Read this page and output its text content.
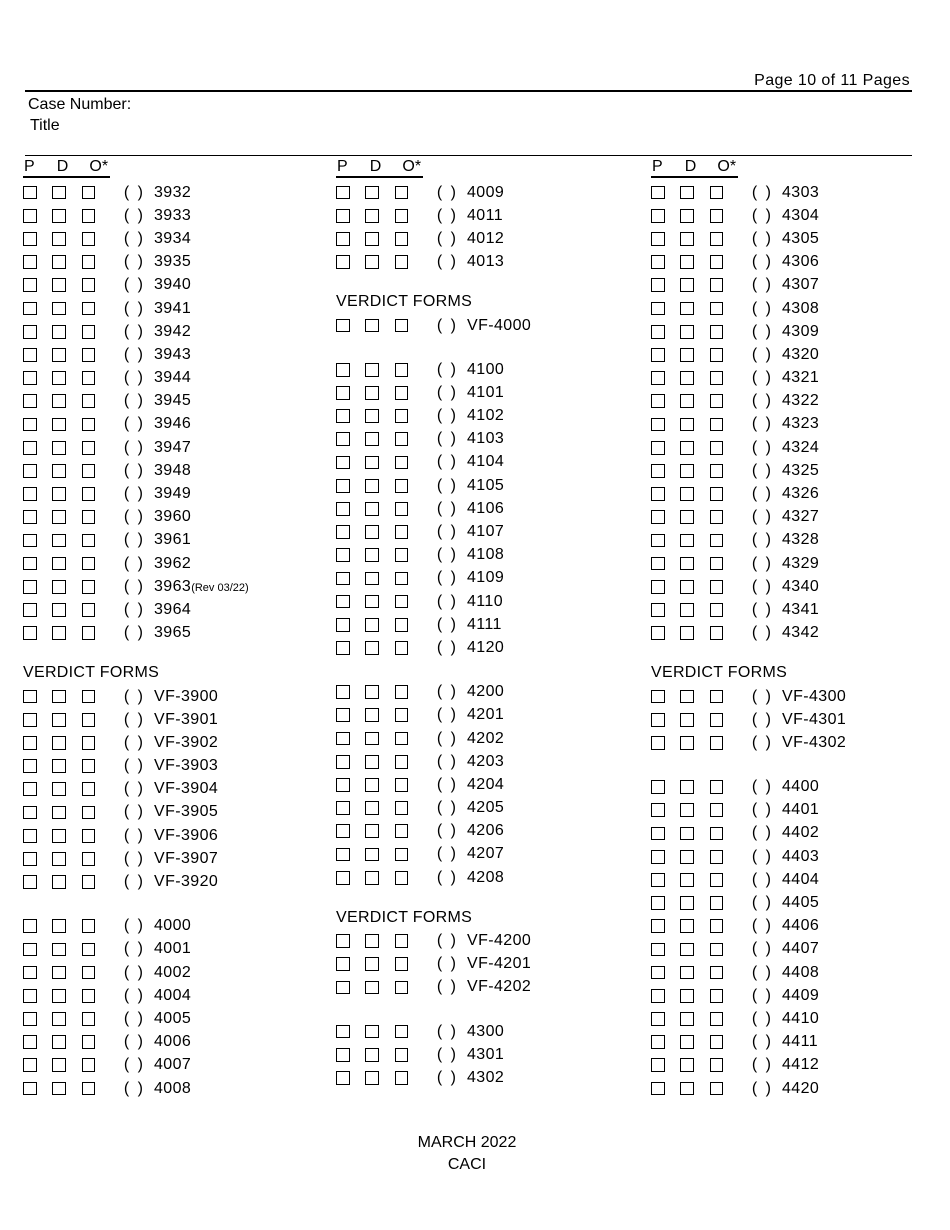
Page 10 of 11 Pages
Case Number:
Title
P D O*
( ) 3932
( ) 3933
( ) 3934
( ) 3935
( ) 3940
( ) 3941
( ) 3942
( ) 3943
( ) 3944
( ) 3945
( ) 3946
( ) 3947
( ) 3948
( ) 3949
( ) 3960
( ) 3961
( ) 3962
( ) 3963(Rev 03/22)
( ) 3964
( ) 3965
VERDICT FORMS
( ) VF-3900
( ) VF-3901
( ) VF-3902
( ) VF-3903
( ) VF-3904
( ) VF-3905
( ) VF-3906
( ) VF-3907
( ) VF-3920
( ) 4000
( ) 4001
( ) 4002
( ) 4004
( ) 4005
( ) 4006
( ) 4007
( ) 4008
P D O*
( ) 4009
( ) 4011
( ) 4012
( ) 4013
VERDICT FORMS
( ) VF-4000
( ) 4100
( ) 4101
( ) 4102
( ) 4103
( ) 4104
( ) 4105
( ) 4106
( ) 4107
( ) 4108
( ) 4109
( ) 4110
( ) 4111
( ) 4120
( ) 4200
( ) 4201
( ) 4202
( ) 4203
( ) 4204
( ) 4205
( ) 4206
( ) 4207
( ) 4208
VERDICT FORMS
( ) VF-4200
( ) VF-4201
( ) VF-4202
( ) 4300
( ) 4301
( ) 4302
P D O*
( ) 4303
( ) 4304
( ) 4305
( ) 4306
( ) 4307
( ) 4308
( ) 4309
( ) 4320
( ) 4321
( ) 4322
( ) 4323
( ) 4324
( ) 4325
( ) 4326
( ) 4327
( ) 4328
( ) 4329
( ) 4340
( ) 4341
( ) 4342
VERDICT FORMS
( ) VF-4300
( ) VF-4301
( ) VF-4302
( ) 4400
( ) 4401
( ) 4402
( ) 4403
( ) 4404
( ) 4405
( ) 4406
( ) 4407
( ) 4408
( ) 4409
( ) 4410
( ) 4411
( ) 4412
( ) 4420
MARCH 2022
CACI
